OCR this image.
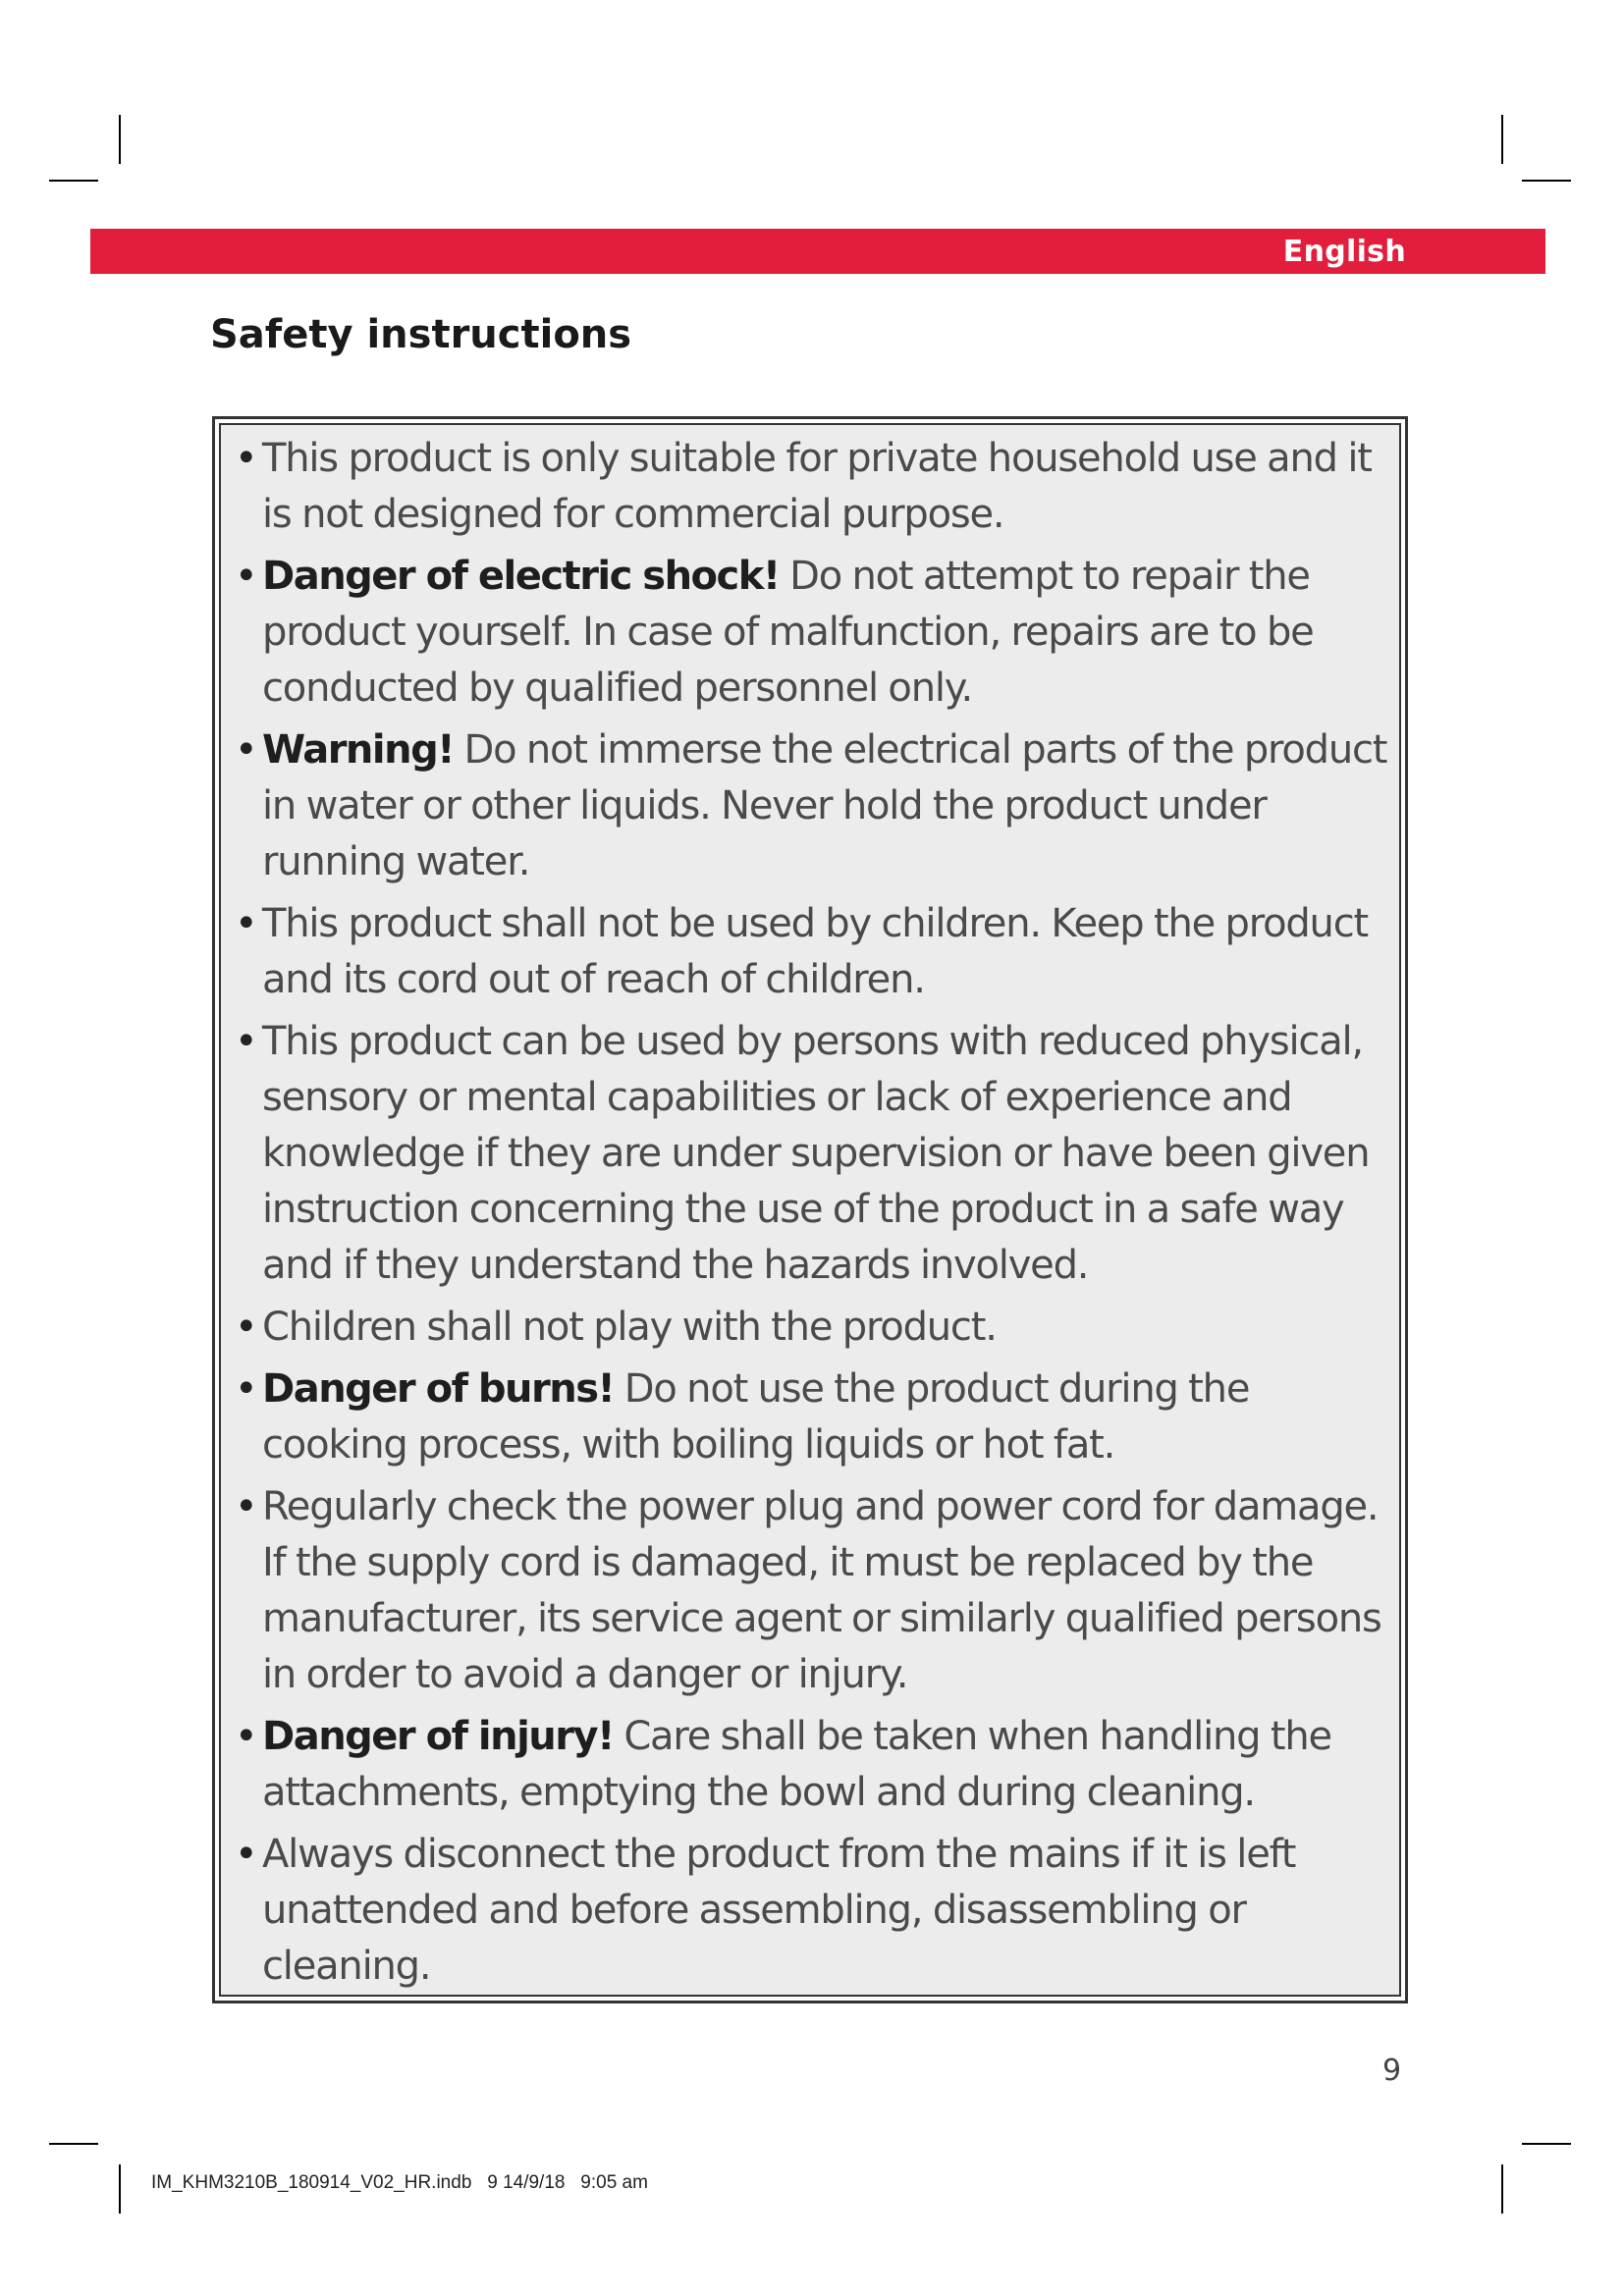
English
Safety instructions
• This product is only suitable for private household use and it is not designed for commercial purpose.
• Danger of electric shock! Do not attempt to repair the product yourself. In case of malfunction, repairs are to be conducted by qualified personnel only.
• Warning! Do not immerse the electrical parts of the product in water or other liquids. Never hold the product under running water.
• This product shall not be used by children. Keep the product and its cord out of reach of children.
• This product can be used by persons with reduced physical, sensory or mental capabilities or lack of experience and knowledge if they are under supervision or have been given instruction concerning the use of the product in a safe way and if they understand the hazards involved.
• Children shall not play with the product.
• Danger of burns! Do not use the product during the cooking process, with boiling liquids or hot fat.
• Regularly check the power plug and power cord for damage. If the supply cord is damaged, it must be replaced by the manufacturer, its service agent or similarly qualified persons in order to avoid a danger or injury.
• Danger of injury! Care shall be taken when handling the attachments, emptying the bowl and during cleaning.
• Always disconnect the product from the mains if it is left unattended and before assembling, disassembling or cleaning.
9
IM_KHM3210B_180914_V02_HR.indb   9 14/9/18   9:05 am
